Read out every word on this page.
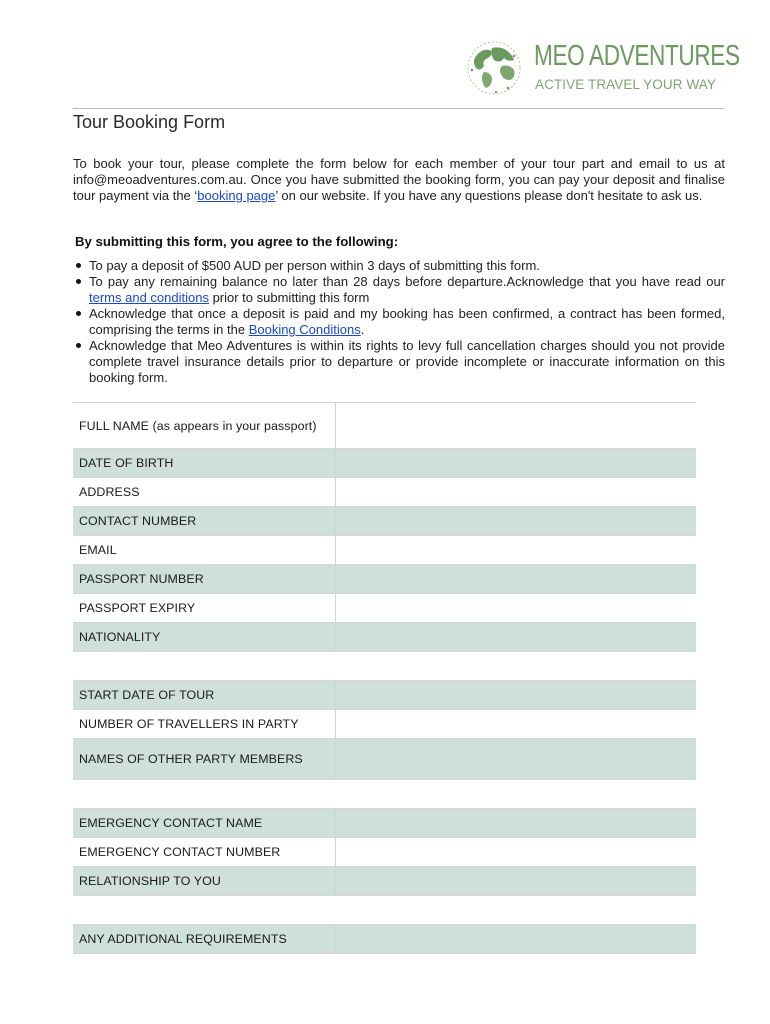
MEO ADVENTURES
ACTIVE TRAVEL YOUR WAY
Tour Booking Form
To book your tour, please complete the form below for each member of your tour part and email to us at info@meoadventures.com.au. Once you have submitted the booking form, you can pay your deposit and finalise tour payment via the ‘booking page’ on our website. If you have any questions please don't hesitate to ask us.
By submitting this form, you agree to the following:
To pay a deposit of $500 AUD per person within 3 days of submitting this form.
To pay any remaining balance no later than 28 days before departure.Acknowledge that you have read our terms and conditions prior to submitting this form
Acknowledge that once a deposit is paid and my booking has been confirmed, a contract has been formed, comprising the terms in the Booking Conditions.
Acknowledge that Meo Adventures is within its rights to levy full cancellation charges should you not provide complete travel insurance details prior to departure or provide incomplete or inaccurate information on this booking form.
FULL NAME (as appears in your passport)
DATE OF BIRTH
ADDRESS
CONTACT NUMBER
EMAIL
PASSPORT NUMBER
PASSPORT EXPIRY
NATIONALITY
START DATE OF TOUR
NUMBER OF TRAVELLERS IN PARTY
NAMES OF OTHER PARTY MEMBERS
EMERGENCY CONTACT NAME
EMERGENCY CONTACT NUMBER
RELATIONSHIP TO YOU
ANY ADDITIONAL REQUIREMENTS
